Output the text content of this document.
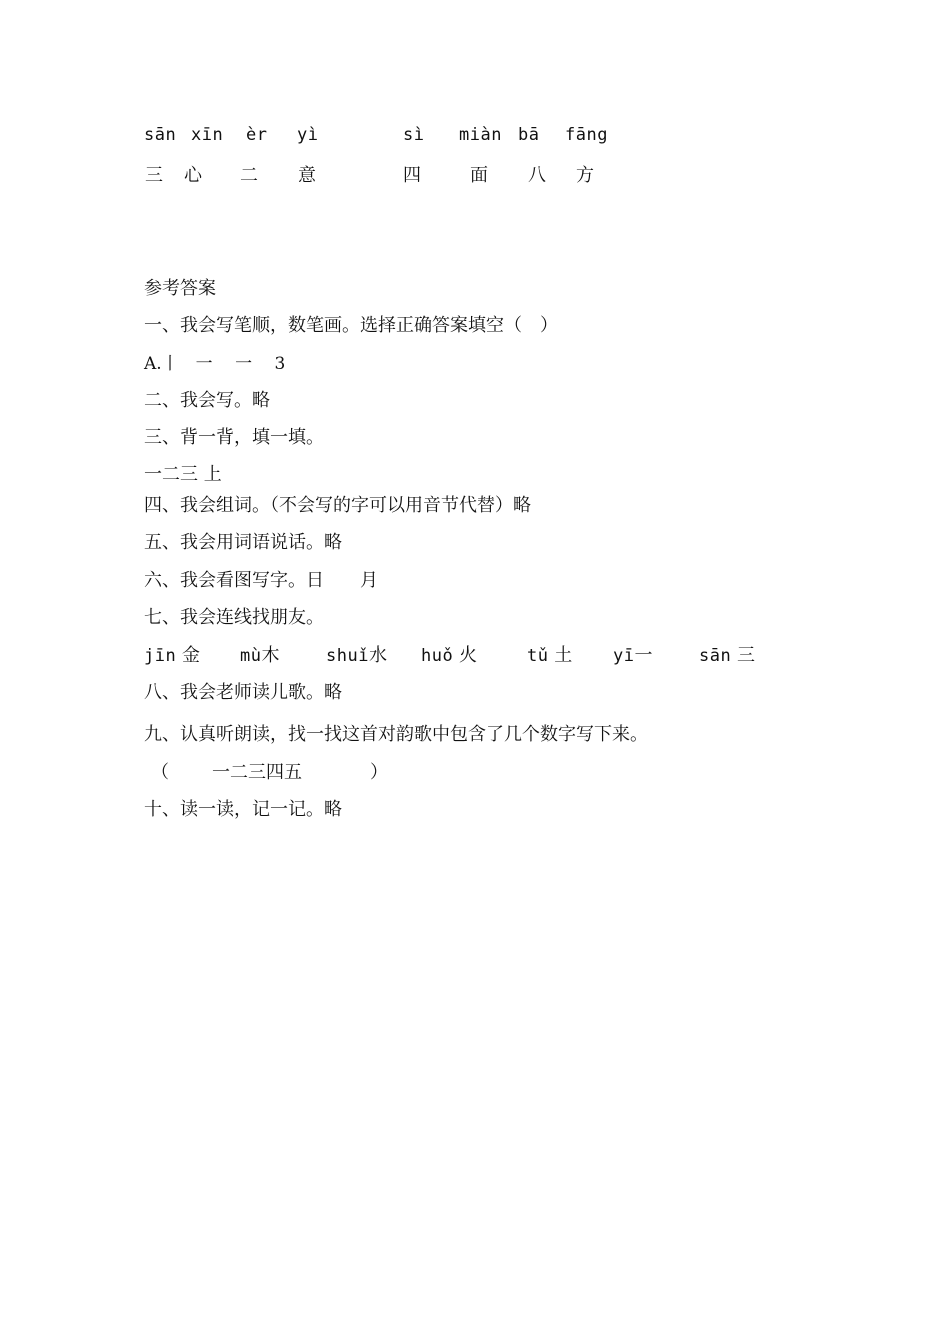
sān xīn èr yì	sì miàn bā fāng
三 心 二 意	四	面 八 方
参考答案
一、我会写笔顺，数笔画。选择正确答案填空（　）
A.丨　一　 一　 3
二、我会写。略
三、背一背，填一填。
一二三 上
四、我会组词。（不会写的字可以用音节代替）略
五、我会用词语说话。略
六、我会看图写字。日　　月
七、我会连线找朋友。
jīn 金 mù木	shuǐ水 huǒ 火	tǔ 土 yī一	sān 三
八、我会老师读儿歌。略
九、认真听朗读，找一找这首对韵歌中包含了几个数字写下来。
（ 一二三四五	）
十、读一读，记一记。略
